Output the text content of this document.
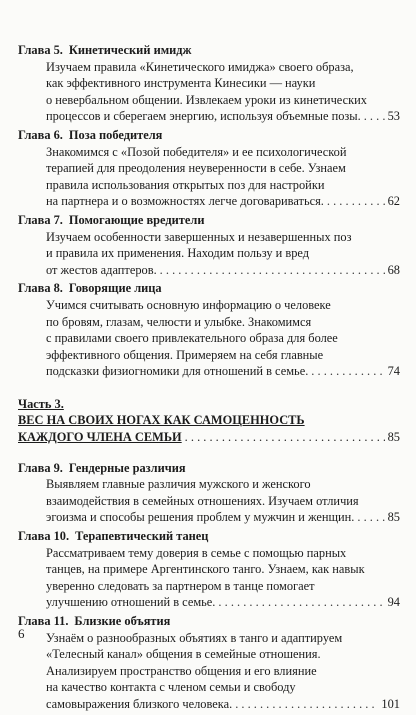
Глава 5. Кинетический имидж
Изучаем правила «Кинетического имиджа» своего образа,
как эффективного инструмента Кинесики — науки
о невербальном общении. Извлекаем уроки из кинетических
процессов и сберегаем энергию, используя объемные позы. . . . 53
Глава 6. Поза победителя
Знакомимся с «Позой победителя» и ее психологической
терапией для преодоления неуверенности в себе. Узнаем
правила использования открытых поз для настройки
на партнера и о возможностях легче договариваться. . . .	62
Глава 7. Помогающие вредители
Изучаем особенности завершенных и незавершенных поз
и правила их применения. Находим пользу и вред
от жестов адаптеров. . . .	68
Глава 8. Говорящие лица
Учимся считывать основную информацию о человеке
по бровям, глазам, челюсти и улыбке. Знакомимся
с правилами своего привлекательного образа для более
эффективного общения. Примеряем на себя главные
подсказки физиогномики для отношений в семье. . . .	74
Часть 3.
ВЕС НА СВОИХ НОГАХ КАК САМОЦЕННОСТЬ
КАЖДОГО ЧЛЕНА СЕМЬИ . . .	85
Глава 9. Гендерные различия
Выявляем главные различия мужского и женского
взаимодействия в семейных отношениях. Изучаем отличия
эгоизма и способы решения проблем у мужчин и женщин. . . .	85
Глава 10. Терапевтический танец
Рассматриваем тему доверия в семье с помощью парных
танцев, на примере Аргентинского танго. Узнаем, как навык
уверенно следовать за партнером в танце помогает
улучшению отношений в семье. . . .	94
Глава 11. Близкие объятия
Узнаём о разнообразных объятиях в танго и адаптируем
«Телесный канал» общения в семейные отношения.
Анализируем пространство общения и его влияние
на качество контакта с членом семьи и свободу
самовыражения близкого человека. . . .	101
6
